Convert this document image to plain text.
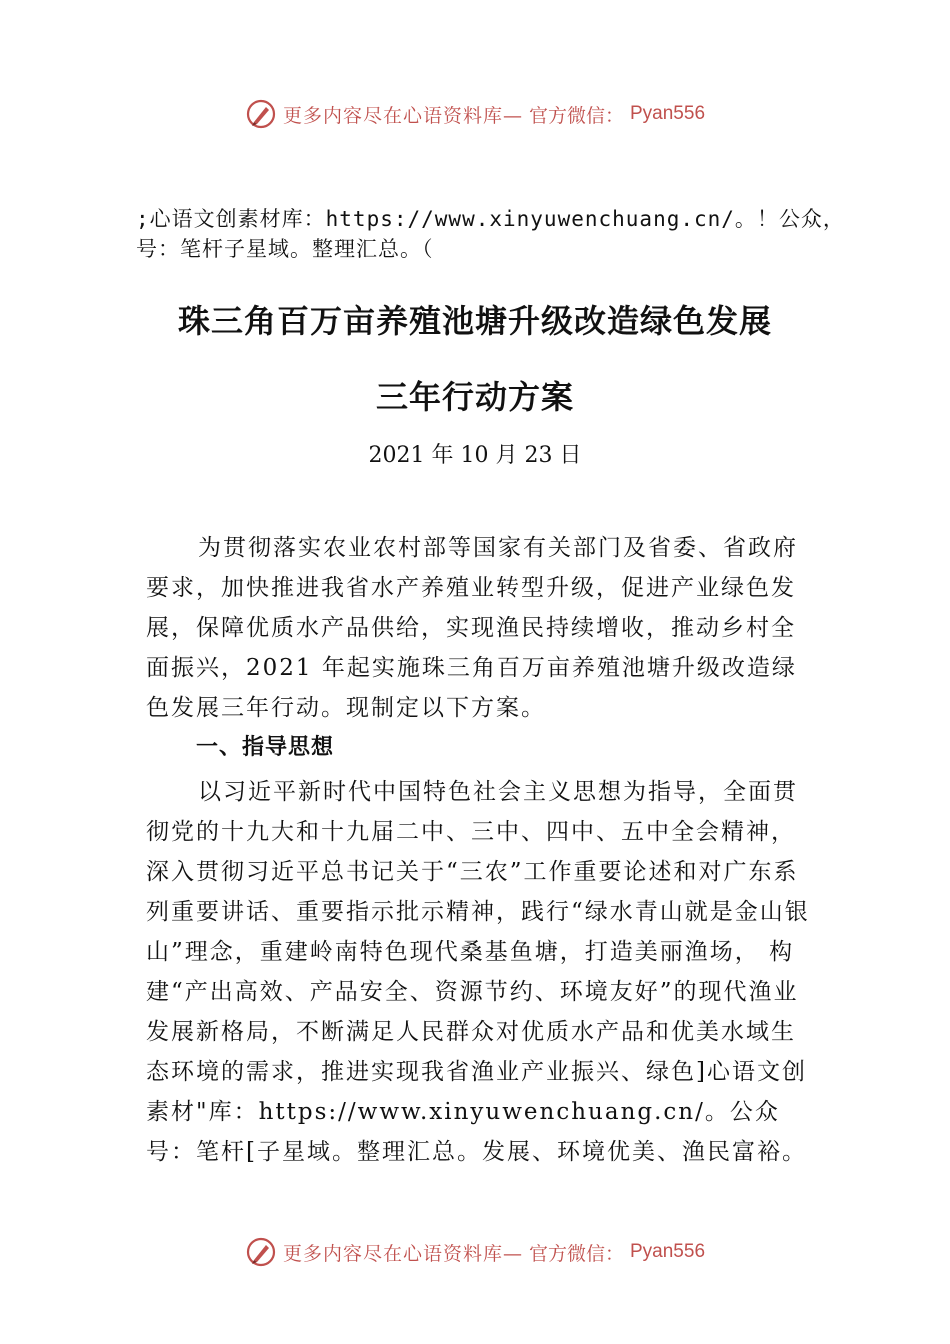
更多内容尽在心语资料库— 官方微信： Pyan556
;心语文创素材库：https://www.xinyuwenchuang.cn/。！公众，号：笔杆子星域。整理汇总。（
珠三角百万亩养殖池塘升级改造绿色发展
三年行动方案
2021 年 10 月 23 日
为贯彻落实农业农村部等国家有关部门及省委、省政府要求，加快推进我省水产养殖业转型升级，促进产业绿色发展，保障优质水产品供给，实现渔民持续增收，推动乡村全面振兴，2021 年起实施珠三角百万亩养殖池塘升级改造绿色发展三年行动。现制定以下方案。
一、指导思想
以习近平新时代中国特色社会主义思想为指导，全面贯彻党的十九大和十九届二中、三中、四中、五中全会精神，深入贯彻习近平总书记关于“三农”工作重要论述和对广东系列重要讲话、重要指示批示精神，践行“绿水青山就是金山银山”理念，重建岭南特色现代桑基鱼塘，打造美丽渔场， 构建“产出高效、产品安全、资源节约、环境友好”的现代渔业发展新格局，不断满足人民群众对优质水产品和优美水域生态环境的需求，推进实现我省渔业产业振兴、绿色]心语文创素材"库：https://www.xinyuwenchuang.cn/。公众号：笔杆[子星域。整理汇总。发展、环境优美、渔民富裕。
更多内容尽在心语资料库— 官方微信： Pyan556
